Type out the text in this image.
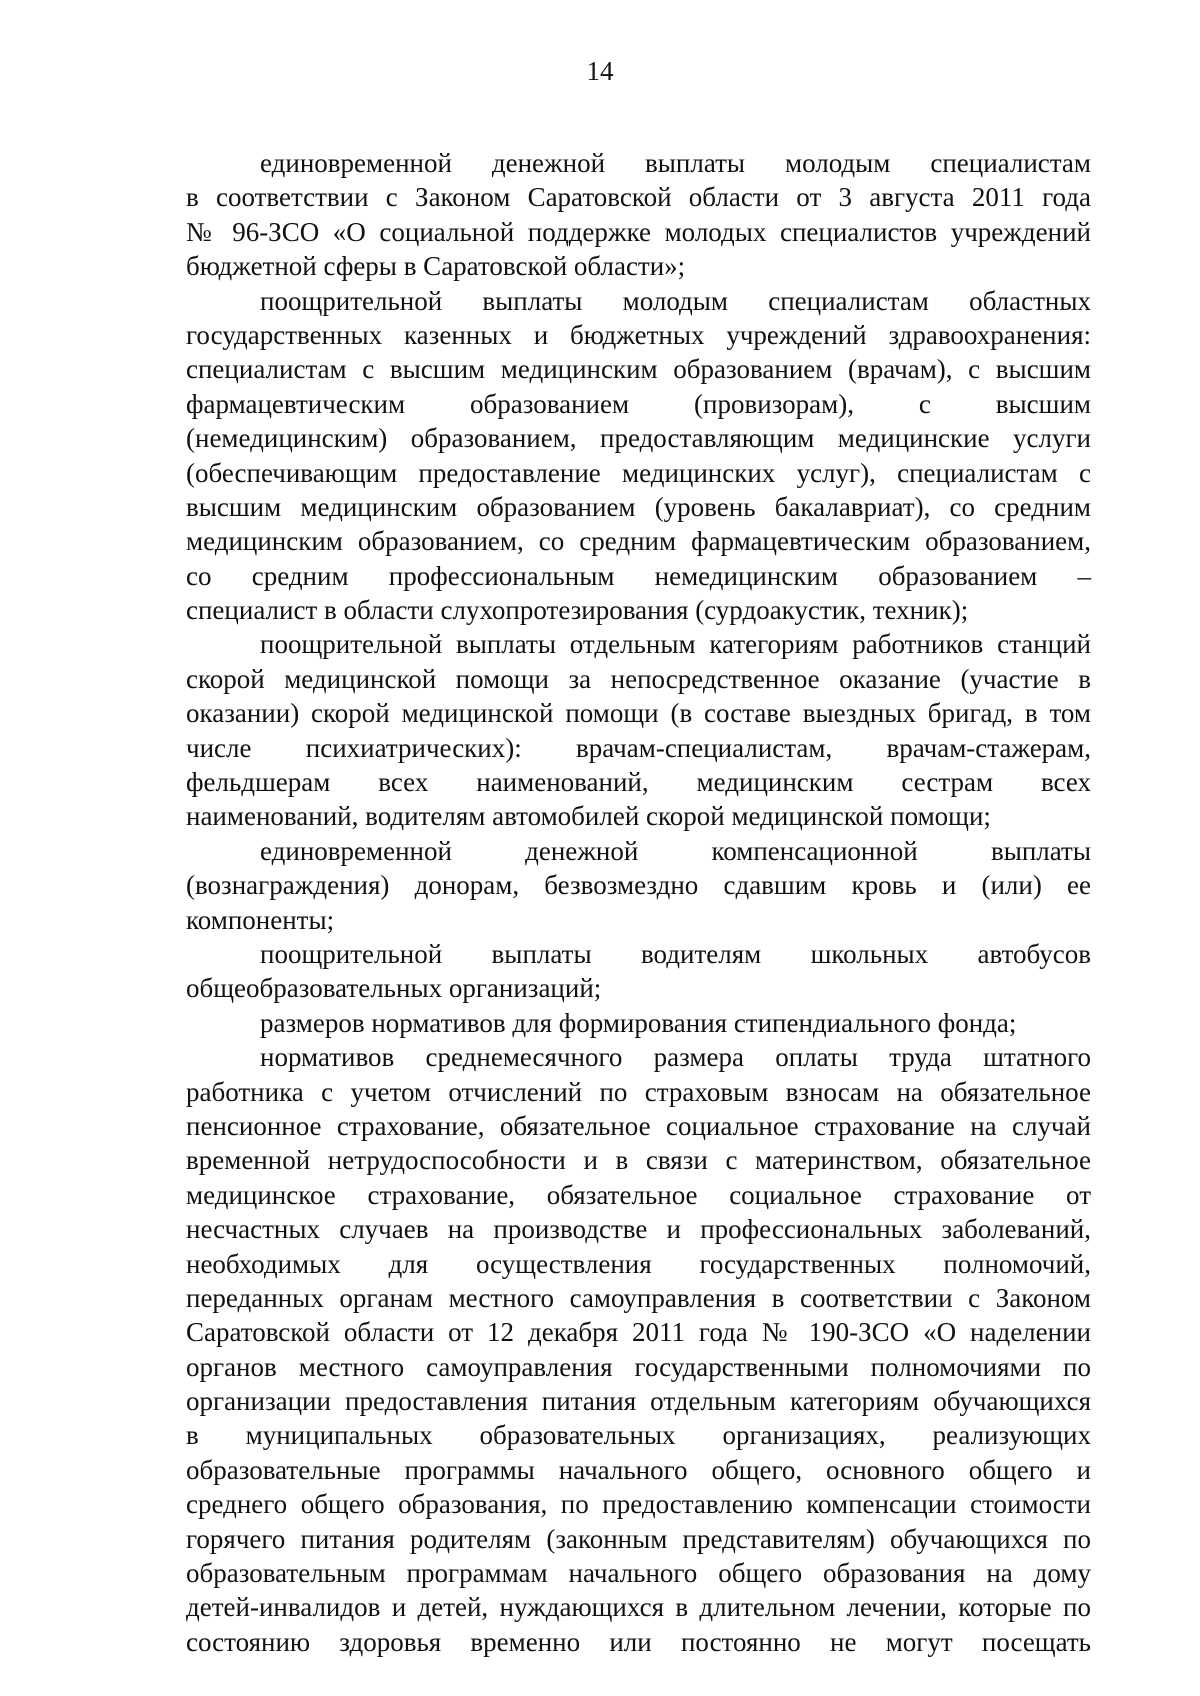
14
единовременной денежной выплаты молодым специалистам
в соответствии с Законом Саратовской области от 3 августа 2011 года
№ 96-ЗСО «О социальной поддержке молодых специалистов учреждений
бюджетной сферы в Саратовской области»;
поощрительной выплаты молодым специалистам областных
государственных казенных и бюджетных учреждений здравоохранения:
специалистам с высшим медицинским образованием (врачам), с высшим
фармацевтическим образованием (провизорам), с высшим
(немедицинским) образованием, предоставляющим медицинские услуги
(обеспечивающим предоставление медицинских услуг), специалистам с
высшим медицинским образованием (уровень бакалавриат), со средним
медицинским образованием, со средним фармацевтическим образованием,
со средним профессиональным немедицинским образованием –
специалист в области слухопротезирования (сурдоакустик, техник);
поощрительной выплаты отдельным категориям работников станций
скорой медицинской помощи за непосредственное оказание (участие в
оказании) скорой медицинской помощи (в составе выездных бригад, в том
числе психиатрических): врачам-специалистам, врачам-стажерам,
фельдшерам всех наименований, медицинским сестрам всех
наименований, водителям автомобилей скорой медицинской помощи;
единовременной денежной компенсационной выплаты
(вознаграждения) донорам, безвозмездно сдавшим кровь и (или) ее
компоненты;
поощрительной выплаты водителям школьных автобусов
общеобразовательных организаций;
размеров нормативов для формирования стипендиального фонда;
нормативов среднемесячного размера оплаты труда штатного
работника с учетом отчислений по страховым взносам на обязательное
пенсионное страхование, обязательное социальное страхование на случай
временной нетрудоспособности и в связи с материнством, обязательное
медицинское страхование, обязательное социальное страхование от
несчастных случаев на производстве и профессиональных заболеваний,
необходимых для осуществления государственных полномочий,
переданных органам местного самоуправления в соответствии с Законом
Саратовской области от 12 декабря 2011 года № 190-ЗСО «О наделении
органов местного самоуправления государственными полномочиями по
организации предоставления питания отдельным категориям обучающихся
в муниципальных образовательных организациях, реализующих
образовательные программы начального общего, основного общего и
среднего общего образования, по предоставлению компенсации стоимости
горячего питания родителям (законным представителям) обучающихся по
образовательным программам начального общего образования на дому
детей-инвалидов и детей, нуждающихся в длительном лечении, которые по
состоянию здоровья временно или постоянно не могут посещать
